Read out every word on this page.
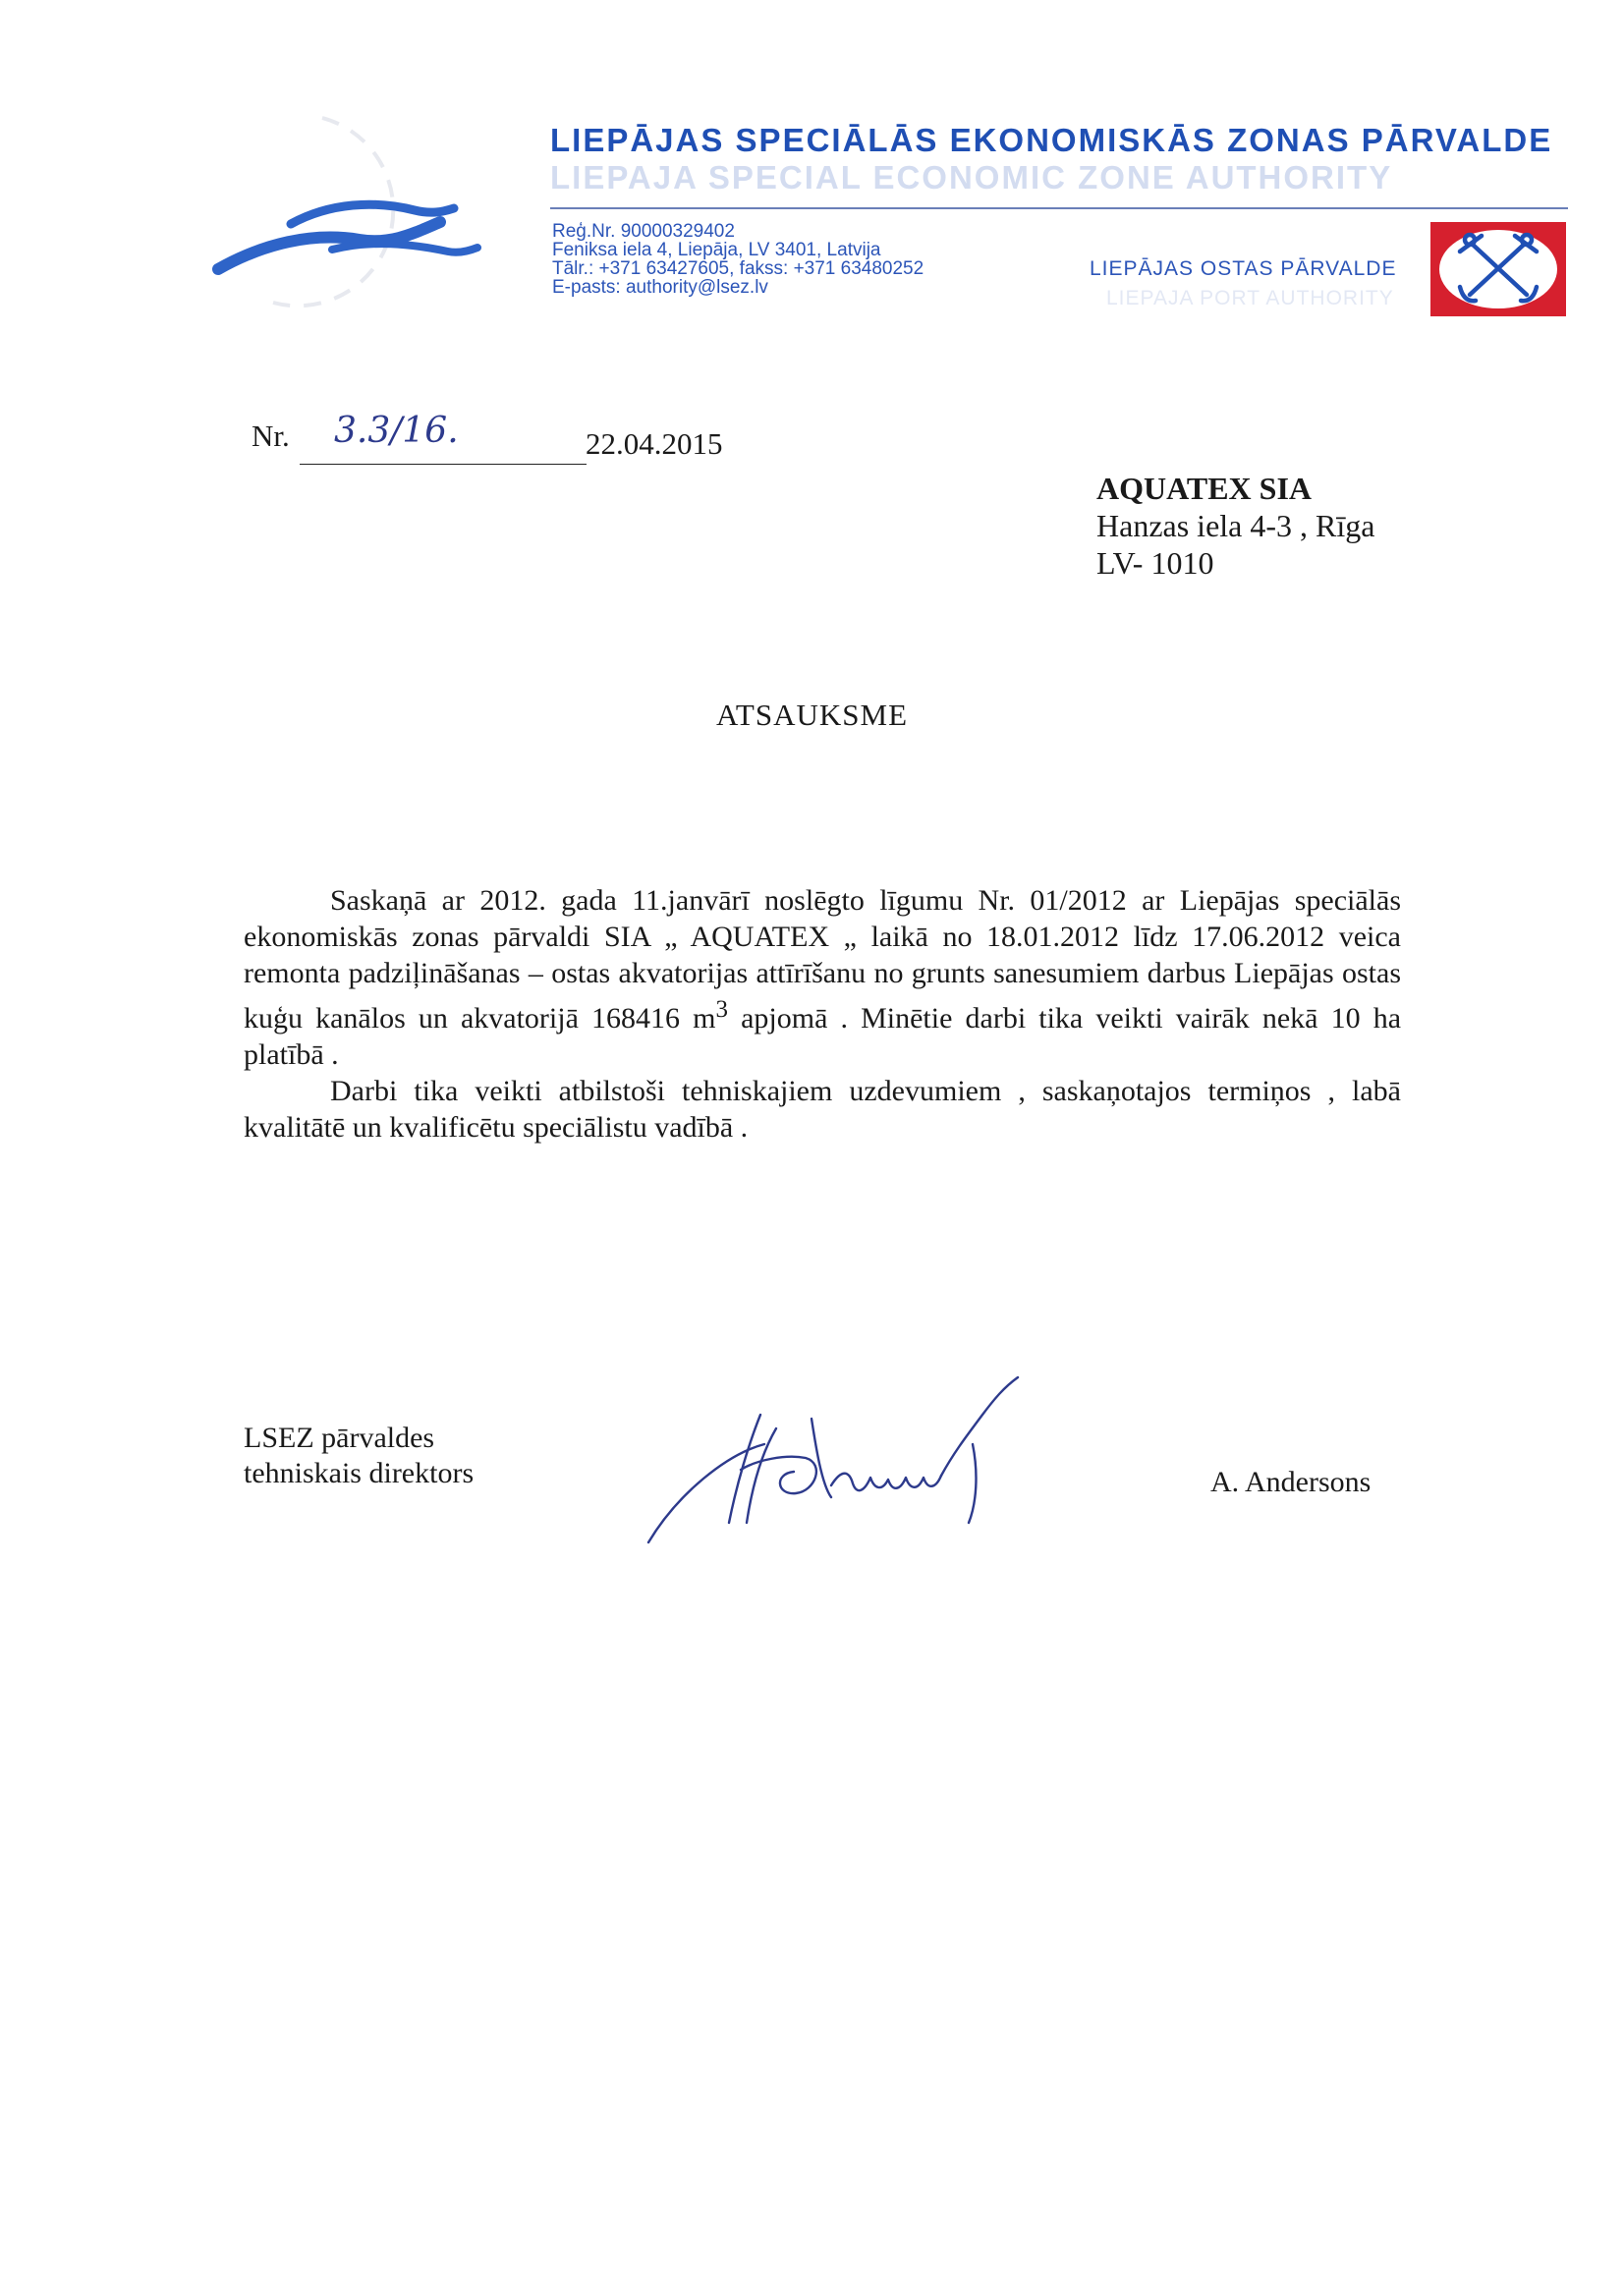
LIEPĀJAS SPECIĀLĀS EKONOMISKĀS ZONAS PĀRVALDE
LIEPAJA SPECIAL ECONOMIC ZONE AUTHORITY
Reģ.Nr. 90000329402
Feniksa iela 4, Liepāja, LV 3401, Latvija
Tālr.: +371 63427605, fakss: +371 63480252
E-pasts: authority@lsez.lv
LIEPĀJAS OSTAS PĀRVALDE
LIEPAJA PORT AUTHORITY
Nr. 3.3/16.	22.04.2015
AQUATEX SIA
Hanzas iela 4-3 , Rīga
LV- 1010
ATSAUKSME

Saskaņā ar 2012. gada 11.janvārī noslēgto līgumu Nr. 01/2012 ar Liepājas speciālās ekonomiskās zonas pārvaldi SIA „ AQUATEX „ laikā no 18.01.2012 līdz 17.06.2012 veica remonta padziļināšanas – ostas akvatorijas attīrīšanu no grunts sanesumiem darbus Liepājas ostas kuģu kanālos un akvatorijā 168416 $m^3$ apjomā . Minētie darbi tika veikti vairāk nekā 10 ha platībā .

Darbi tika veikti atbilstoši tehniskajiem uzdevumiem , saskaņotajos termiņos , labā kvalitātē un kvalificētu speciālistu vadībā .

LSEZ pārvaldes
tehniskais direktors	A. Andersons
